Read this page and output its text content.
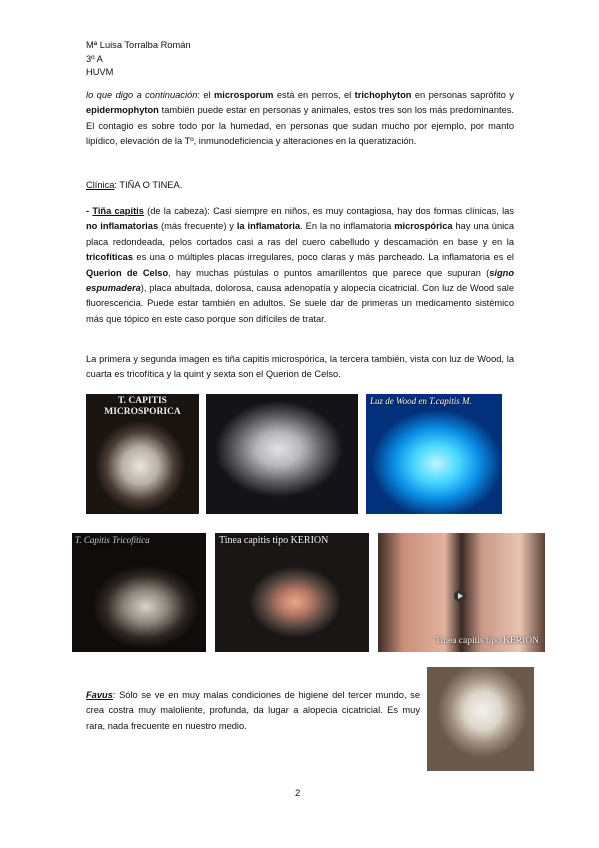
Mª Luisa Torralba Román
3º A
HUVM

lo que digo a continuación: el microsporum está en perros, el trichophyton en personas saprófito y epidermophyton también puede estar en personas y animales, estos tres son los más predominantes. El contagio es sobre todo por la humedad, en personas que sudan mucho por ejemplo, por manto lipídico, elevación de la Tº, inmunodeficiencia y alteraciones en la queratización.

Clínica: TIÑA O TINEA.

- Tiña capitis (de la cabeza): Casi siempre en niños, es muy contagiosa, hay dos formas clínicas, las no inflamatorias (más frecuente) y la inflamatoria. En la no inflamatoria microspórica hay una única placa redondeada, pelos cortados casi a ras del cuero cabelludo y descamación en base y en la tricofíticas es una o múltiples placas irregulares, poco claras y más parcheado. La inflamatoria es el Querion de Celso, hay muchas pústulas o puntos amarillentos que parece que supuran (signo espumadera), placa abultada, dolorosa, causa adenopatía y alopecia cicatricial. Con luz de Wood sale fluorescencia. Puede estar también en adultos. Se suele dar de primeras un medicamento sistémico más que tópico en este caso porque son difíciles de tratar.

La primera y segunda imagen es tiña capitis microspórica, la tercera también, vista con luz de Wood, la cuarta es tricofítica y la quint y sexta son el Querion de Celso.

T. CAPITIS
MICROSPORICA
Luz de Wood en T.capitis M.
T. Capitis Tricofítica	Tinea capitis tipo KERION
Tinea capitis tipo KERION

Favus: Sólo se ve en muy malas condiciones de higiene del tercer mundo, se crea costra muy maloliente, profunda, da lugar a alopecia cicatricial. Es muy rara, nada frecuente en nuestro medio.

2
